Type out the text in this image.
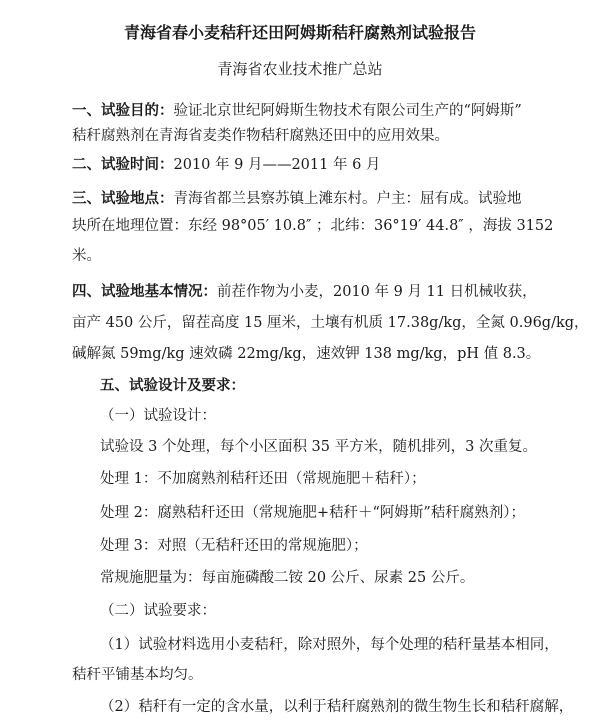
青海省春小麦秸秆还田阿姆斯秸秆腐熟剂试验报告
青海省农业技术推广总站
一、试验目的：验证北京世纪阿姆斯生物技术有限公司生产的“阿姆斯”
秸秆腐熟剂在青海省麦类作物秸秆腐熟还田中的应用效果。
二、试验时间：2010 年 9 月——2011 年 6 月
三、试验地点：青海省都兰县察苏镇上滩东村。户主：屈有成。试验地
块所在地理位置：东经 98°05′ 10.8″ ；北纬：36°19′ 44.8″ ，海拔 3152
米。
四、试验地基本情况：前茬作物为小麦，2010 年 9 月 11 日机械收获，
亩产 450 公斤，留茬高度 15 厘米，土壤有机质 17.38g/kg，全氮 0.96g/kg，
碱解氮 59mg/kg 速效磷 22mg/kg，速效钾 138 mg/kg，pH 值 8.3。
五、试验设计及要求：
（一）试验设计：
试验设 3 个处理，每个小区面积 35 平方米，随机排列，3 次重复。
处理 1：不加腐熟剂秸秆还田（常规施肥＋秸秆）；
处理 2：腐熟秸秆还田（常规施肥+秸秆＋“阿姆斯”秸秆腐熟剂）；
处理 3：对照（无秸秆还田的常规施肥）；
常规施肥量为：每亩施磷酸二铵 20 公斤、尿素 25 公斤。
（二）试验要求：
（1）试验材料选用小麦秸秆，除对照外，每个处理的秸秆量基本相同，
秸秆平铺基本均匀。
（2）秸秆有一定的含水量，以利于秸秆腐熟剂的微生物生长和秸秆腐解，
